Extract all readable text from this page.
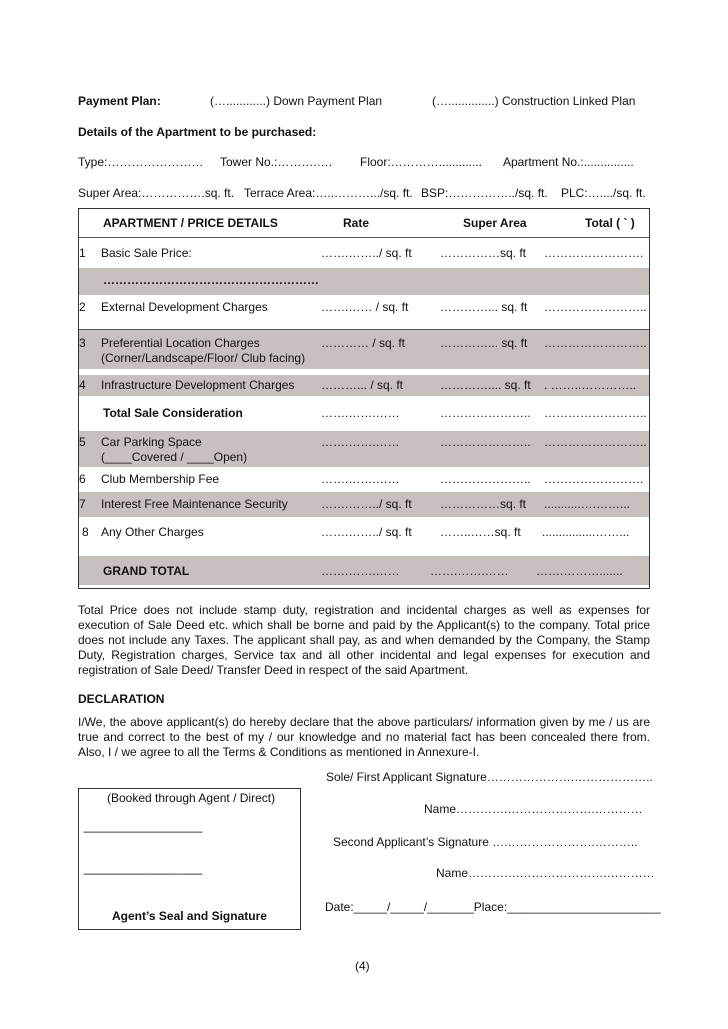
Payment Plan:	(…............) Down Payment Plan	(…..............) Construction Linked Plan
Details of the Apartment to be purchased:
Type:…………………… Tower No.:……….…. Floor:…………............. Apartment No.:...............
Super Area:…………….sq. ft. Terrace Area:…..……….../sq. ft. BSP:……………../sq. ft. PLC:…..../sq. ft.
APARTMENT / PRICE DETAILS	Rate	Super Area	Total ( ` )
1 Basic Sale Price:	…….……../ sq. ft ……………sq. ft …………………….
………………………………………………
2 External Development Charges	…….…… / sq. ft	…………... sq. ft ……………………..
3 Preferential Location Charges
(Corner/Landscape/Floor/ Club facing)
………… / sq. ft	…………... sq. ft ……………………..
4 Infrastructure Development Charges ………... / sq. ft	………….... sq. ft . ……..…………..
Total Sale Consideration	…….…….……	………………….. ……………………..
5 Car Parking Space
(____Covered / ____Open)
…….…….……	………………….. ……………………..
6 Club Membership Fee	…….…….……	………………….. …………………….
7 Interest Free Maintenance Security	…….……../ sq. ft ……………sq. ft ...........….……...
8 Any Other Charges	…….……../ sq. ft ……..……sq. ft ................……...
GRAND TOTAL	…….…….……	…….…….…… …….……….......
Total Price does not include stamp duty, registration and incidental charges as well as expenses for execution of Sale Deed etc. which shall be borne and paid by the Applicant(s) to the company. Total price does not include any Taxes. The applicant shall pay, as and when demanded by the Company, the Stamp Duty, Registration charges, Service tax and all other incidental and legal expenses for execution and registration of Sale Deed/ Transfer Deed in respect of the said Apartment.
DECLARATION
I/We, the above applicant(s) do hereby declare that the above particulars/ information given by me / us are true and correct to the best of my / our knowledge and no material fact has been concealed there from. Also, I / we agree to all the Terms & Conditions as mentioned in Annexure-I.
Sole/ First Applicant Signature………………….………………..
(Booked through Agent / Direct)
---------------------------------------------------
---------------------------------------------------
Agent’s Seal and Signature
Name………….………………….…………
Second Applicant’s Signature ….………………….………..
Name………….………………….…………
Date:_____/_____/_______Place:_______________________
(4)
